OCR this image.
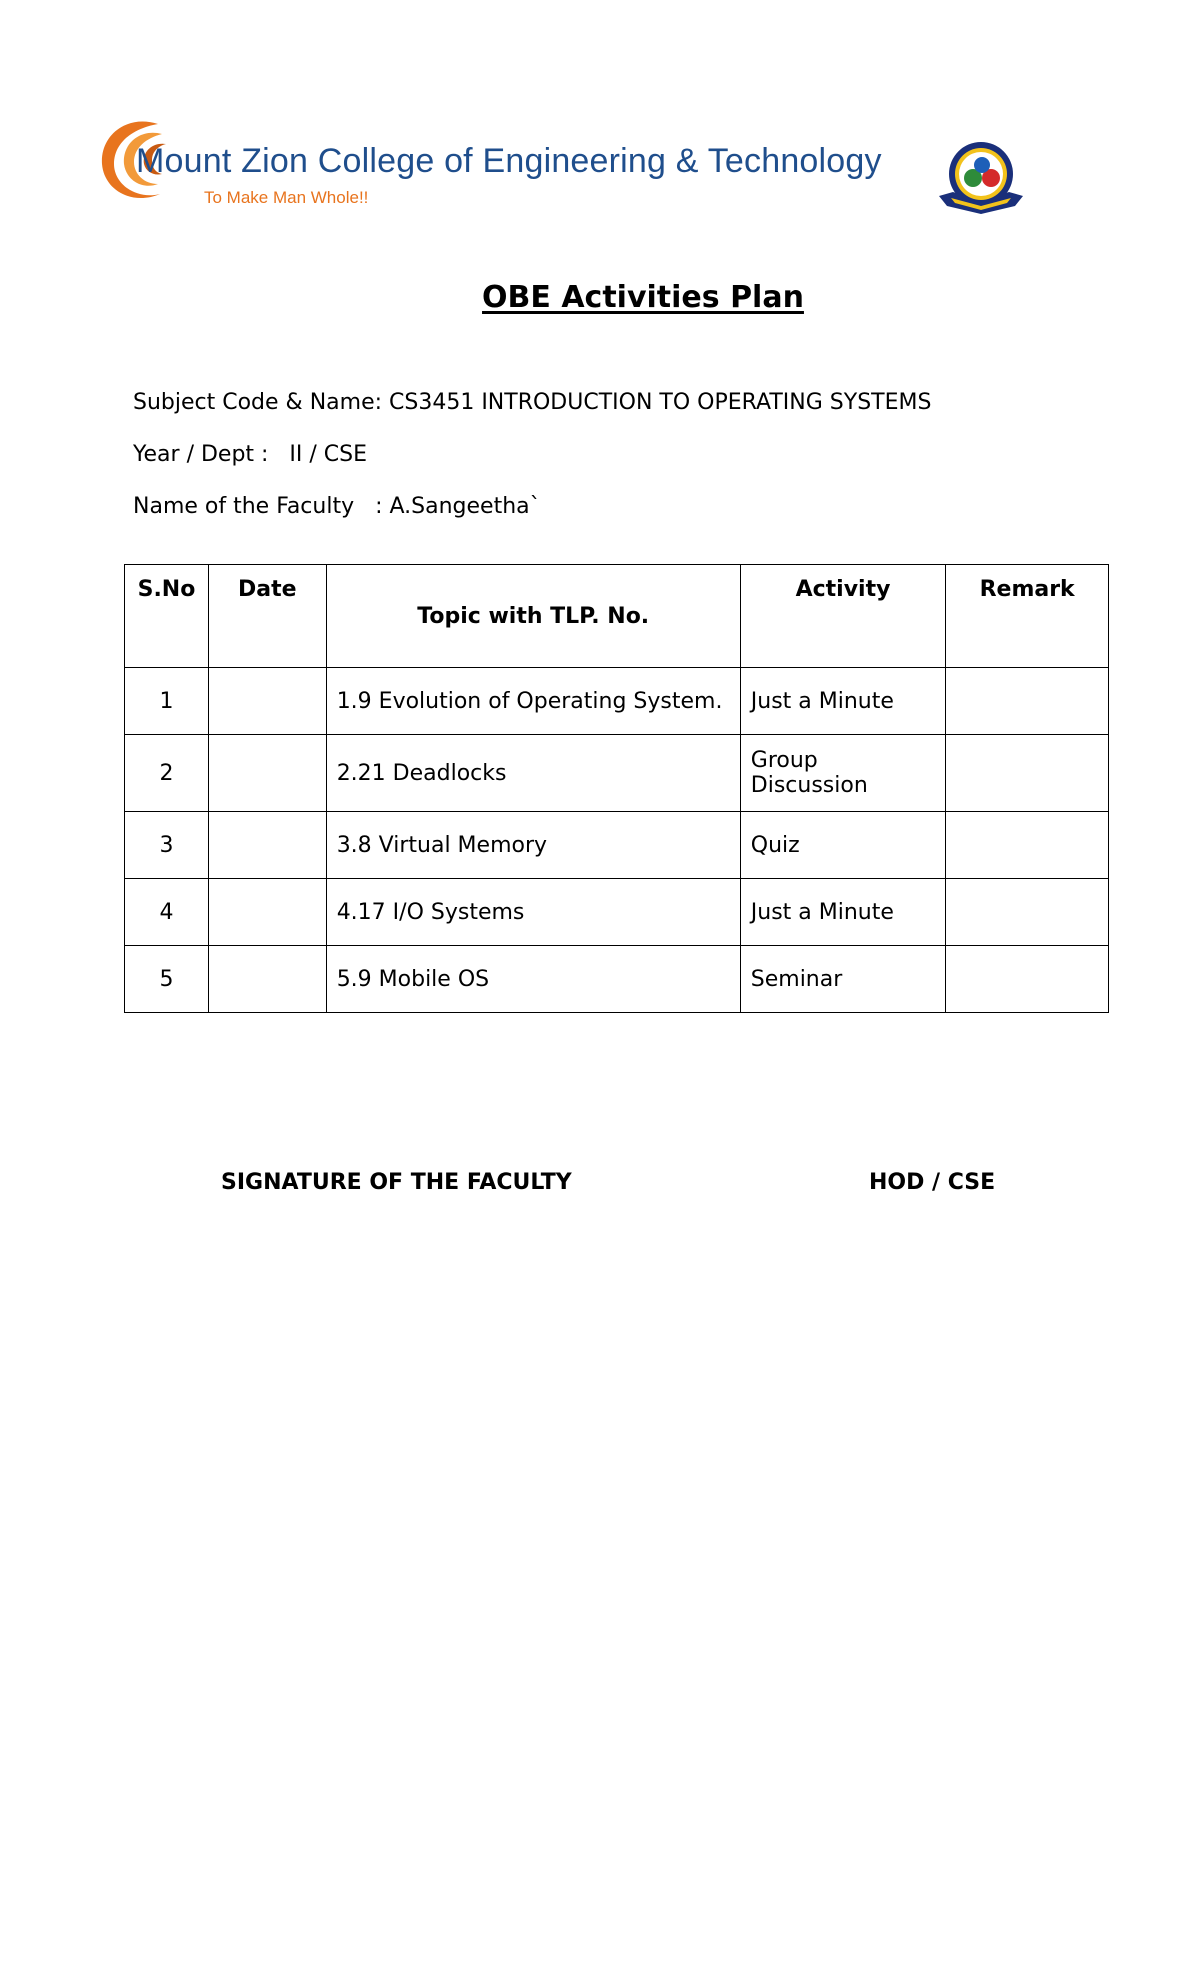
Mount Zion College of Engineering & Technology
To Make Man Whole!!
OBE Activities Plan
Subject Code & Name: CS3451 INTRODUCTION TO OPERATING SYSTEMS
Year / Dept :   II / CSE
Name of the Faculty   : A.Sangeetha`
S.No	Date	Topic with TLP. No.	Activity	Remark
1		1.9 Evolution of Operating System.	Just a Minute	
2		2.21 Deadlocks	Group Discussion	
3		3.8 Virtual Memory	Quiz	
4		4.17 I/O Systems	Just a Minute	
5		5.9 Mobile OS	Seminar	
SIGNATURE OF THE FACULTY	HOD / CSE
